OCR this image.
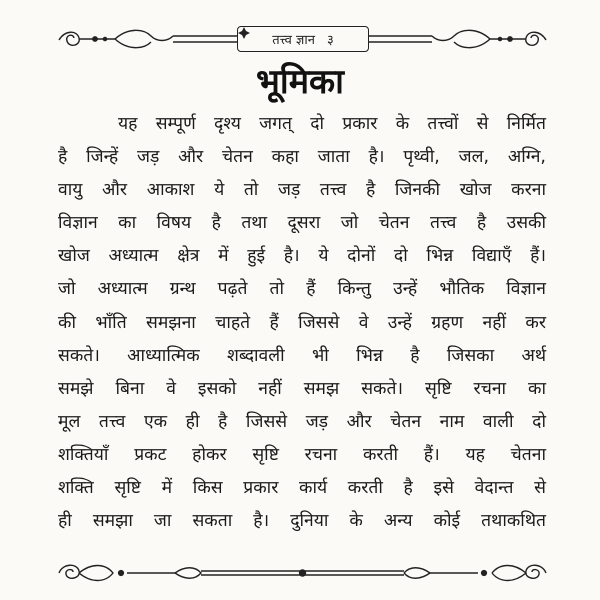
तत्त्व ज्ञान ३
भूमिका
यह सम्पूर्ण दृश्य जगत् दो प्रकार के तत्त्वों से निर्मित
है जिन्हें जड़ और चेतन कहा जाता है। पृथ्वी, जल, अग्नि,
वायु और आकाश ये तो जड़ तत्त्व है जिनकी खोज करना
विज्ञान का विषय है तथा दूसरा जो चेतन तत्त्व है उसकी
खोज अध्यात्म क्षेत्र में हुई है। ये दोनों दो भिन्न विद्याएँ हैं।
जो अध्यात्म ग्रन्थ पढ़ते तो हैं किन्तु उन्हें भौतिक विज्ञान
की भाँति समझना चाहते हैं जिससे वे उन्हें ग्रहण नहीं कर
सकते। आध्यात्मिक शब्दावली भी भिन्न है जिसका अर्थ
समझे बिना वे इसको नहीं समझ सकते। सृष्टि रचना का
मूल तत्त्व एक ही है जिससे जड़ और चेतन नाम वाली दो
शक्तियाँ प्रकट होकर सृष्टि रचना करती हैं। यह चेतना
शक्ति सृष्टि में किस प्रकार कार्य करती है इसे वेदान्त से
ही समझा जा सकता है। दुनिया के अन्य कोई तथाकथित
